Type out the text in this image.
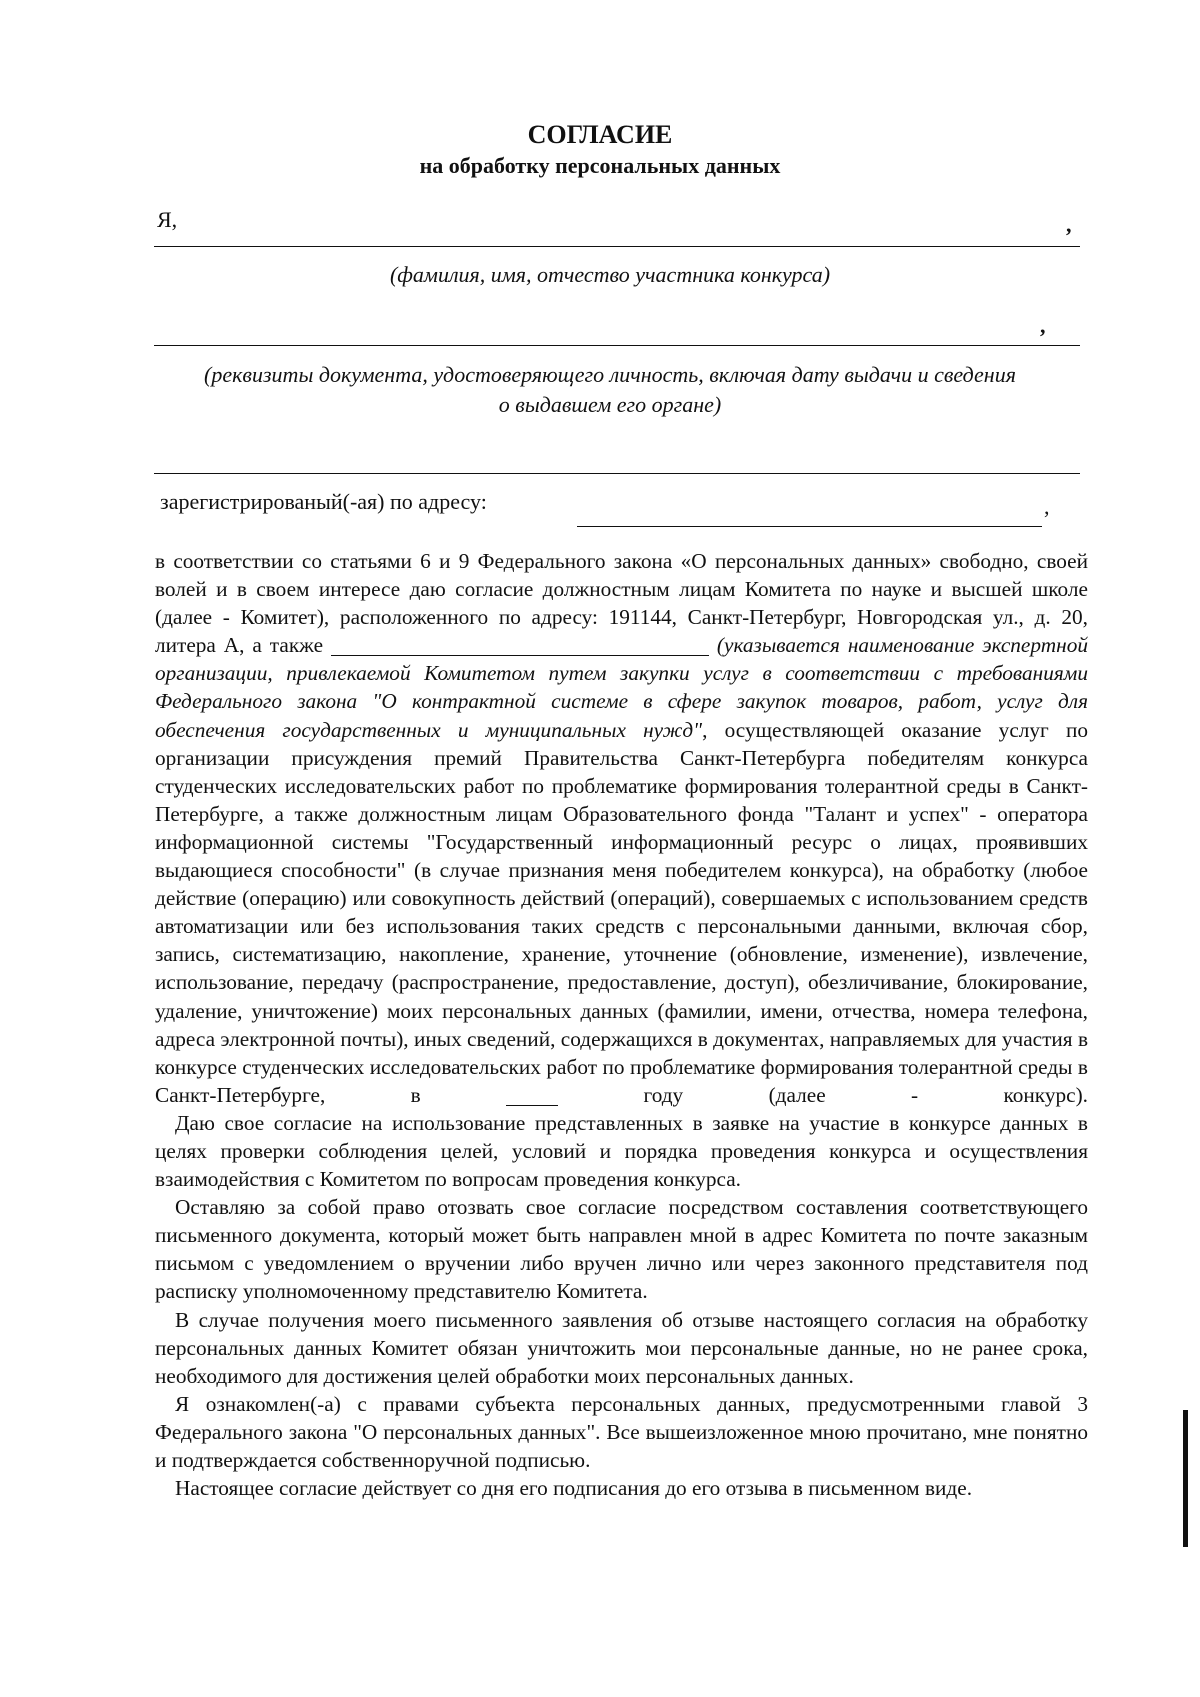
СОГЛАСИЕ
на обработку персональных данных
Я,	,
(фамилия, имя, отчество участника конкурса)
,
(реквизиты документа, удостоверяющего личность, включая дату выдачи и сведения
о выдавшем его органе)
зарегистрированый(-ая) по адресу:	,

в соответствии со статьями 6 и 9 Федерального закона «О персональных данных» свободно, своей волей и в своем интересе даю согласие должностным лицам Комитета по науке и высшей школе (далее - Комитет), расположенного по адресу: 191144, Санкт-Петербург, Новгородская ул., д. 20, литера А, а также	(указывается наименование экспертной организации, привлекаемой Комитетом путем закупки услуг в соответствии с требованиями Федерального закона "О контрактной системе в сфере закупок товаров, работ, услуг для обеспечения государственных и муниципальных нужд", осуществляющей оказание услуг по организации присуждения премий Правительства Санкт-Петербурга победителям конкурса студенческих исследовательских работ по проблематике формирования толерантной среды в Санкт-Петербурге, а также должностным лицам Образовательного фонда "Талант и успех" - оператора информационной системы "Государственный информационный ресурс о лицах, проявивших выдающиеся способности" (в случае признания меня победителем конкурса), на обработку (любое действие (операцию) или совокупность действий (операций), совершаемых с использованием средств автоматизации или без использования таких средств с персональными данными, включая сбор, запись, систематизацию, накопление, хранение, уточнение (обновление, изменение), извлечение, использование, передачу (распространение, предоставление, доступ), обезличивание, блокирование, удаление, уничтожение) моих персональных данных (фамилии, имени, отчества, номера телефона, адреса электронной почты), иных сведений, содержащихся в документах, направляемых для участия в конкурсе студенческих исследовательских работ по проблематике формирования толерантной среды в Санкт-Петербурге, в	году (далее - конкурс).

Даю свое согласие на использование представленных в заявке на участие в конкурсе данных в целях проверки соблюдения целей, условий и порядка проведения конкурса и осуществления взаимодействия с Комитетом по вопросам проведения конкурса.

Оставляю за собой право отозвать свое согласие посредством составления соответствующего письменного документа, который может быть направлен мной в адрес Комитета по почте заказным письмом с уведомлением о вручении либо вручен лично или через законного представителя под расписку уполномоченному представителю Комитета.

В случае получения моего письменного заявления об отзыве настоящего согласия на обработку персональных данных Комитет обязан уничтожить мои персональные данные, но не ранее срока, необходимого для достижения целей обработки моих персональных данных.

Я ознакомлен(-а) с правами субъекта персональных данных, предусмотренными главой 3 Федерального закона "О персональных данных". Все вышеизложенное мною прочитано, мне понятно и подтверждается собственноручной подписью.

Настоящее согласие действует со дня его подписания до его отзыва в письменном виде.
